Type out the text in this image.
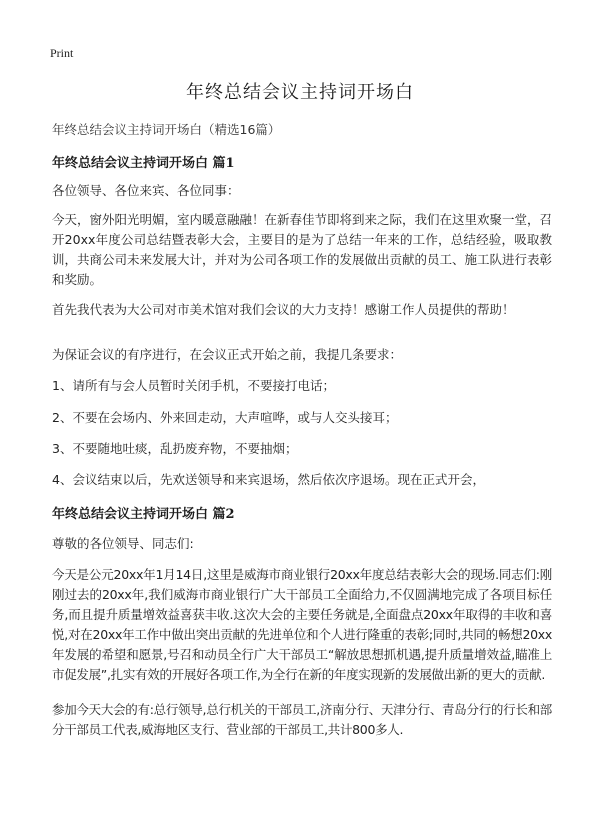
Print
年终总结会议主持词开场白
年终总结会议主持词开场白（精选16篇）
年终总结会议主持词开场白 篇1

各位领导、各位来宾、各位同事：

今天，窗外阳光明媚，室内暖意融融！在新春佳节即将到来之际，我们在这里欢聚一堂，召开20xx年度公司总结暨表彰大会，主要目的是为了总结一年来的工作，总结经验，吸取教训，共商公司未来发展大计，并对为公司各项工作的发展做出贡献的员工、施工队进行表彰和奖励。

首先我代表为大公司对市美术馆对我们会议的大力支持！感谢工作人员提供的帮助！

为保证会议的有序进行，在会议正式开始之前，我提几条要求：

1、请所有与会人员暂时关闭手机，不要接打电话；

2、不要在会场内、外来回走动，大声喧哗，或与人交头接耳；

3、不要随地吐痰，乱扔废弃物，不要抽烟；

4、会议结束以后，先欢送领导和来宾退场，然后依次序退场。现在正式开会，

年终总结会议主持词开场白 篇2

尊敬的各位领导、同志们:

今天是公元20xx年1月14日,这里是威海市商业银行20xx年度总结表彰大会的现场.同志们:刚刚过去的20xx年,我们威海市商业银行广大干部员工全面给力,不仅圆满地完成了各项目标任务,而且提升质量增效益喜获丰收.这次大会的主要任务就是,全面盘点20xx年取得的丰收和喜悦,对在20xx年工作中做出突出贡献的先进单位和个人进行隆重的表彰;同时,共同的畅想20xx年发展的希望和愿景,号召和动员全行广大干部员工“解放思想抓机遇,提升质量增效益,瞄准上市促发展”,扎实有效的开展好各项工作,为全行在新的年度实现新的发展做出新的更大的贡献.

参加今天大会的有:总行领导,总行机关的干部员工,济南分行、天津分行、青岛分行的行长和部分干部员工代表,威海地区支行、营业部的干部员工,共计800多人.
